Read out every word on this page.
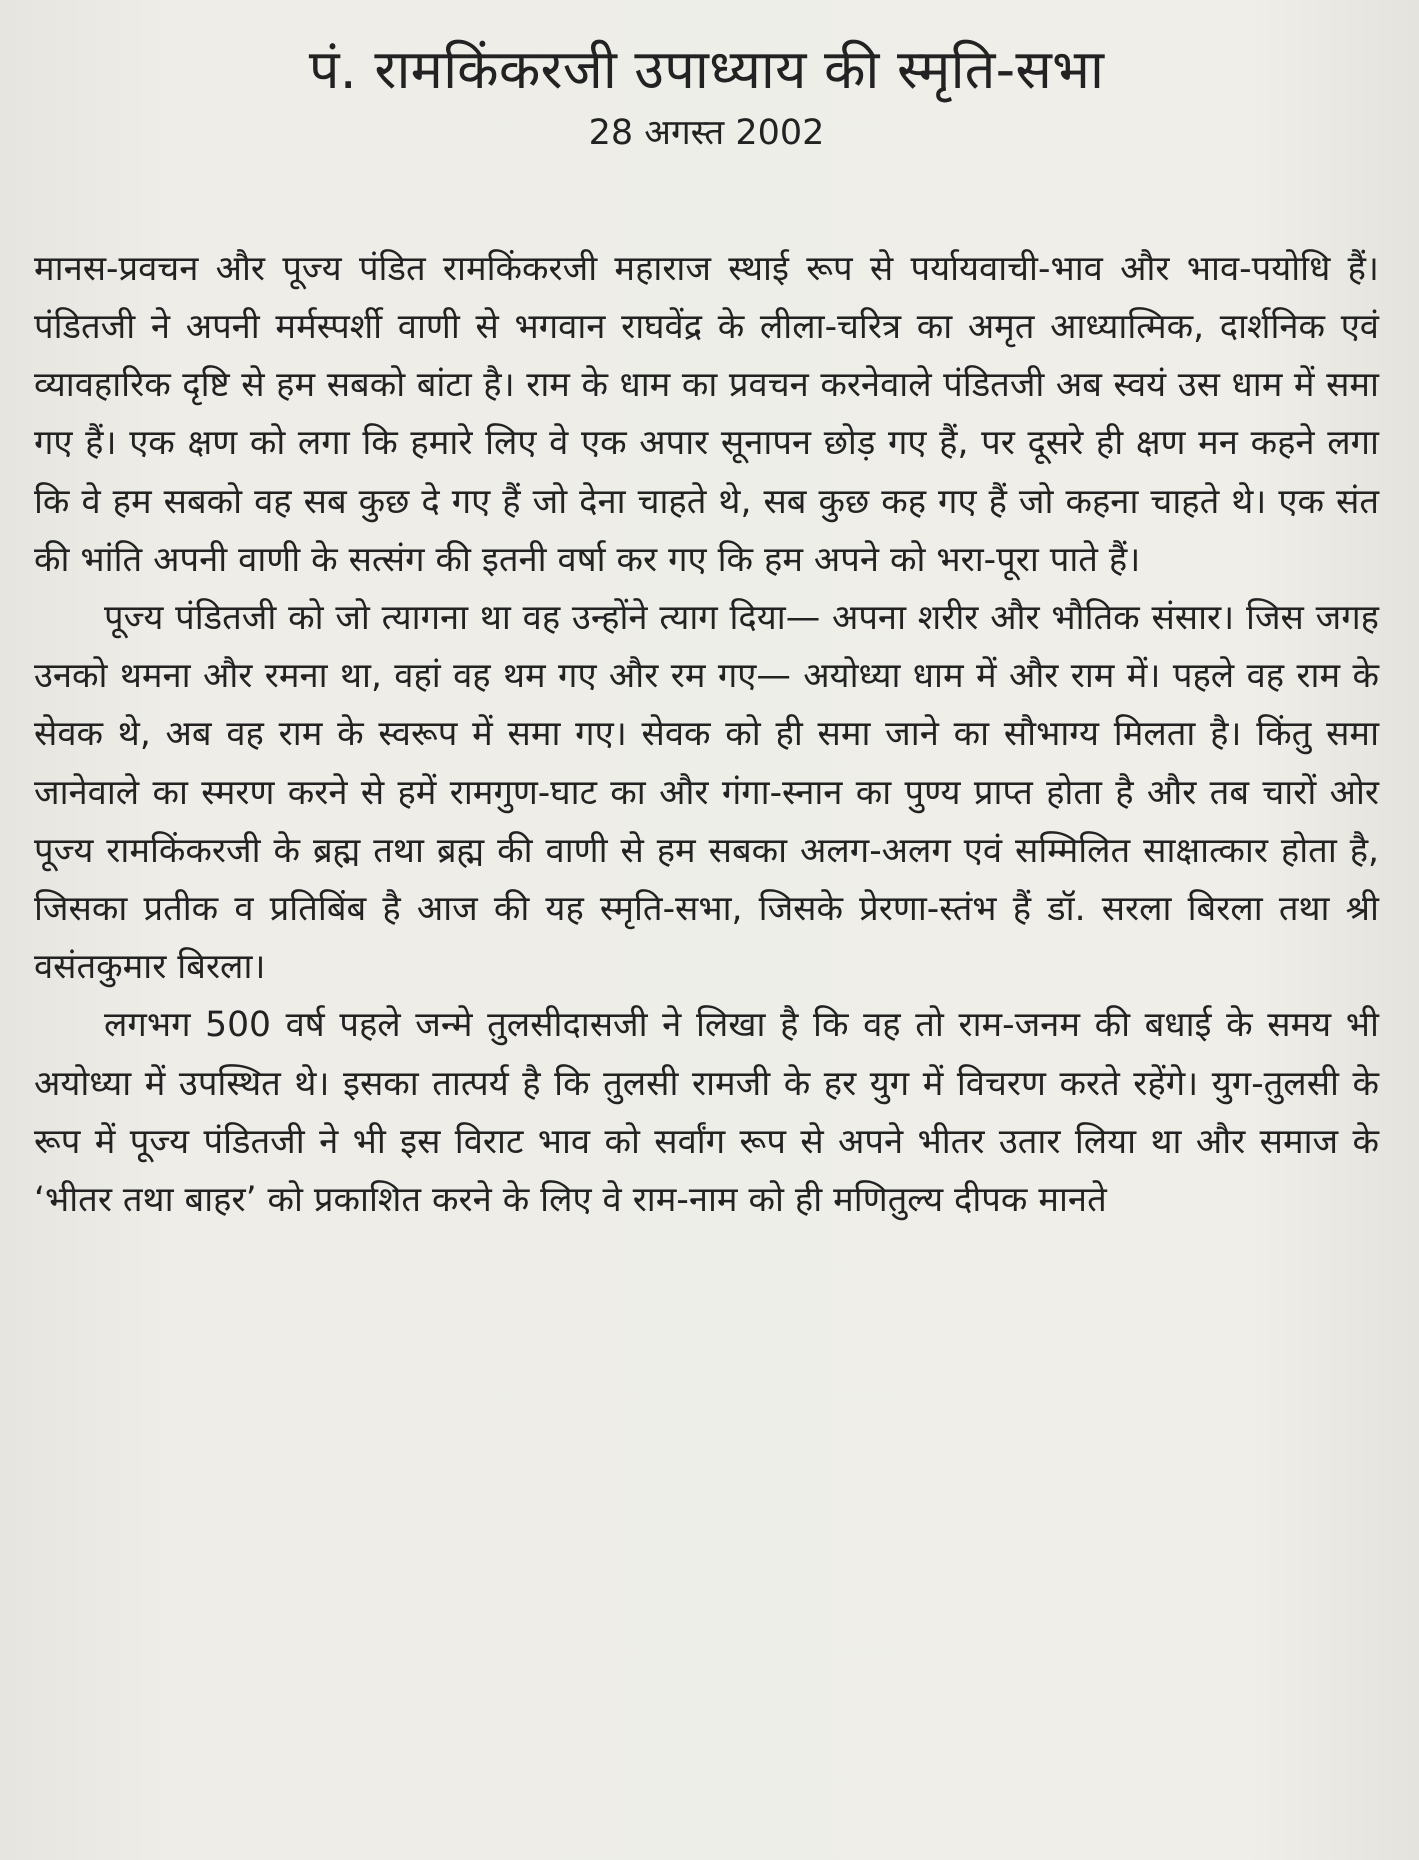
पं. रामकिंकरजी उपाध्याय की स्मृति-सभा
28 अगस्त 2002

मानस-प्रवचन और पूज्य पंडित रामकिंकरजी महाराज स्थाई रूप से पर्यायवाची-भाव और भाव-पयोधि हैं। पंडितजी ने अपनी मर्मस्पर्शी वाणी से भगवान राघवेंद्र के लीला-चरित्र का अमृत आध्यात्मिक, दार्शनिक एवं व्यावहारिक दृष्टि से हम सबको बांटा है। राम के धाम का प्रवचन करनेवाले पंडितजी अब स्वयं उस धाम में समा गए हैं। एक क्षण को लगा कि हमारे लिए वे एक अपार सूनापन छोड़ गए हैं, पर दूसरे ही क्षण मन कहने लगा कि वे हम सबको वह सब कुछ दे गए हैं जो देना चाहते थे, सब कुछ कह गए हैं जो कहना चाहते थे। एक संत की भांति अपनी वाणी के सत्संग की इतनी वर्षा कर गए कि हम अपने को भरा-पूरा पाते हैं।

पूज्य पंडितजी को जो त्यागना था वह उन्होंने त्याग दिया— अपना शरीर और भौतिक संसार। जिस जगह उनको थमना और रमना था, वहां वह थम गए और रम गए— अयोध्या धाम में और राम में। पहले वह राम के सेवक थे, अब वह राम के स्वरूप में समा गए। सेवक को ही समा जाने का सौभाग्य मिलता है। किंतु समा जानेवाले का स्मरण करने से हमें रामगुण-घाट का और गंगा-स्नान का पुण्य प्राप्त होता है और तब चारों ओर पूज्य रामकिंकरजी के ब्रह्म तथा ब्रह्म की वाणी से हम सबका अलग-अलग एवं सम्मिलित साक्षात्कार होता है, जिसका प्रतीक व प्रतिबिंब है आज की यह स्मृति-सभा, जिसके प्रेरणा-स्तंभ हैं डॉ. सरला बिरला तथा श्री वसंतकुमार बिरला।

लगभग 500 वर्ष पहले जन्मे तुलसीदासजी ने लिखा है कि वह तो राम-जनम की बधाई के समय भी अयोध्या में उपस्थित थे। इसका तात्पर्य है कि तुलसी रामजी के हर युग में विचरण करते रहेंगे। युग-तुलसी के रूप में पूज्य पंडितजी ने भी इस विराट भाव को सर्वांग रूप से अपने भीतर उतार लिया था और समाज के ‘भीतर तथा बाहर’ को प्रकाशित करने के लिए वे राम-नाम को ही मणितुल्य दीपक मानते
